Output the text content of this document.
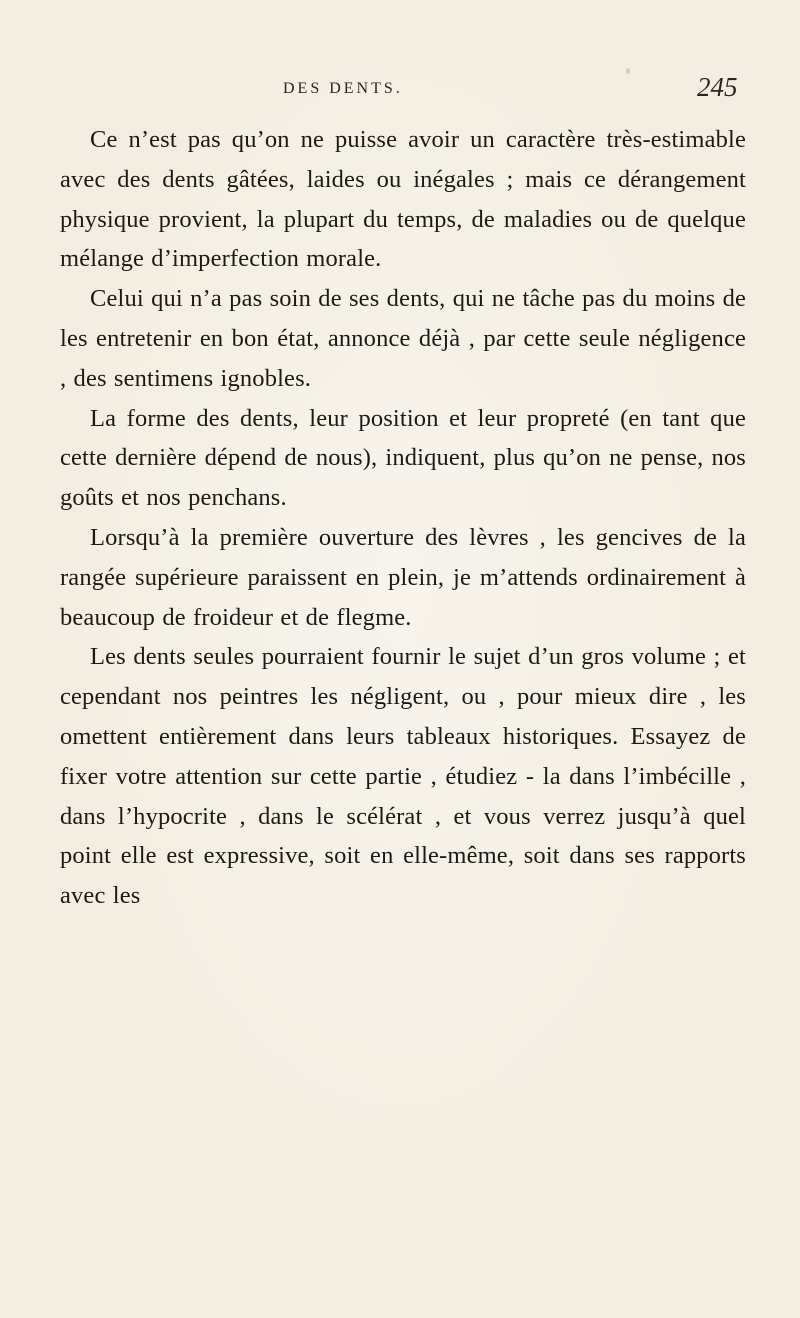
DES DENTS.	245

Ce n’est pas qu’on ne puisse avoir un caractère très-estimable avec des dents gâtées, laides ou inégales ; mais ce dérangement physique provient, la plupart du temps, de maladies ou de quelque mélange d’imperfection morale.

Celui qui n’a pas soin de ses dents, qui ne tâche pas du moins de les entretenir en bon état, annonce déjà , par cette seule négligence , des sentimens ignobles.

La forme des dents, leur position et leur propreté (en tant que cette dernière dépend de nous), indiquent, plus qu’on ne pense, nos goûts et nos penchans.

Lorsqu’à la première ouverture des lèvres , les gencives de la rangée supérieure paraissent en plein, je m’attends ordinairement à beaucoup de froideur et de flegme.

Les dents seules pourraient fournir le sujet d’un gros volume ; et cependant nos peintres les négligent, ou , pour mieux dire , les omettent entièrement dans leurs tableaux historiques. Essayez de fixer votre attention sur cette partie , étudiez - la dans l’imbécille , dans l’hypocrite , dans le scélérat , et vous verrez jusqu’à quel point elle est expressive, soit en elle-même, soit dans ses rapports avec les
